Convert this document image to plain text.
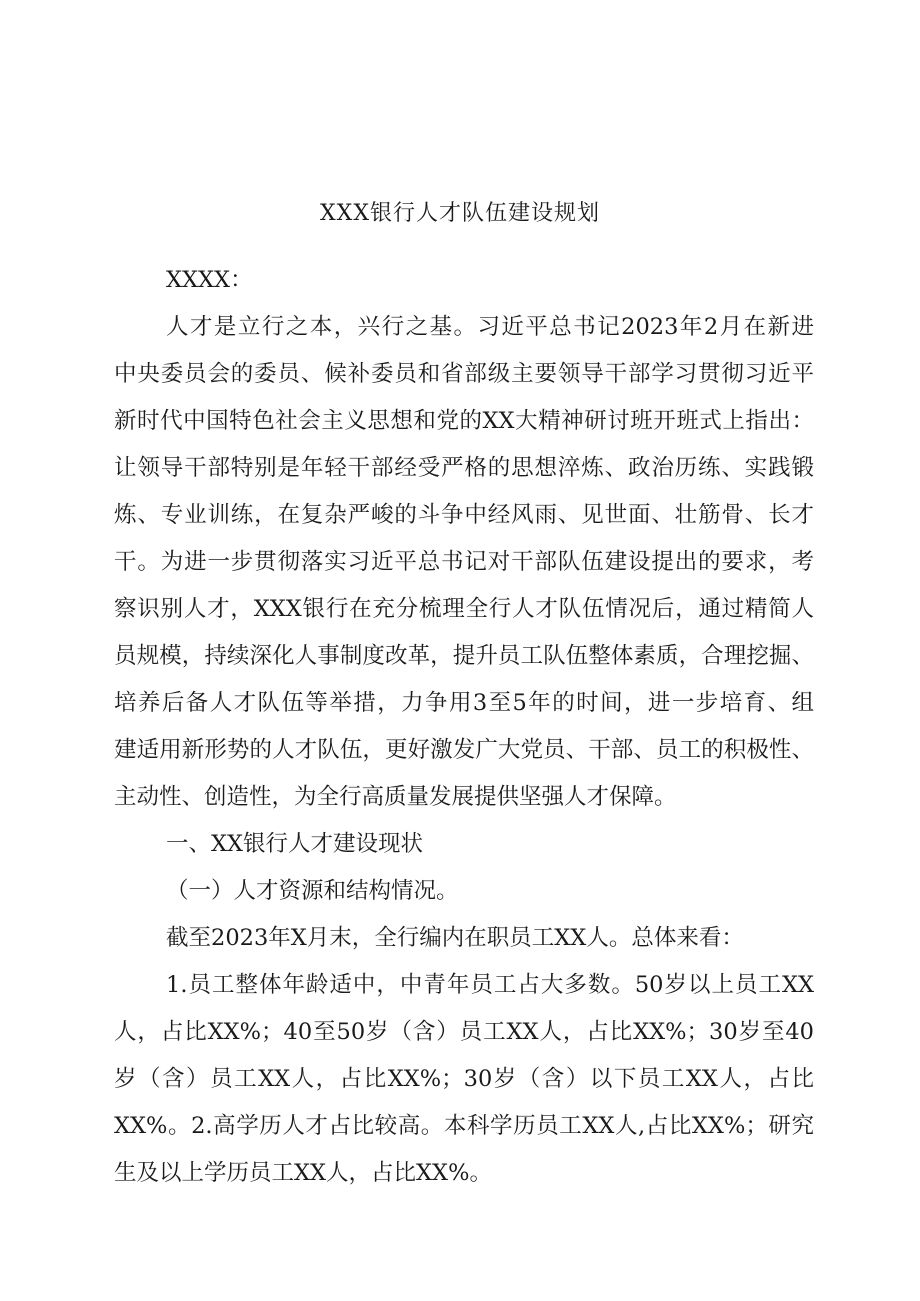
XXX银行人才队伍建设规划
XXXX：
人才是立行之本，兴行之基。习近平总书记2023年2月在新进
中央委员会的委员、候补委员和省部级主要领导干部学习贯彻习近平
新时代中国特色社会主义思想和党的XX大精神研讨班开班式上指出：
让领导干部特别是年轻干部经受严格的思想淬炼、政治历练、实践锻
炼、专业训练，在复杂严峻的斗争中经风雨、见世面、壮筋骨、长才
干。为进一步贯彻落实习近平总书记对干部队伍建设提出的要求，考
察识别人才，XXX银行在充分梳理全行人才队伍情况后，通过精简人
员规模，持续深化人事制度改革，提升员工队伍整体素质，合理挖掘、
培养后备人才队伍等举措，力争用3至5年的时间，进一步培育、组
建适用新形势的人才队伍，更好激发广大党员、干部、员工的积极性、
主动性、创造性，为全行高质量发展提供坚强人才保障。
一、XX银行人才建设现状
（一）人才资源和结构情况。
截至2023年X月末，全行编内在职员工XX人。总体来看：
1.员工整体年龄适中，中青年员工占大多数。50岁以上员工XX
人，占比XX%；40至50岁（含）员工XX人，占比XX%；30岁至40
岁（含）员工XX人，占比XX%；30岁（含）以下员工XX人，占比
XX%。2.高学历人才占比较高。本科学历员工XX人,占比XX%；研究
生及以上学历员工XX人，占比XX%。
